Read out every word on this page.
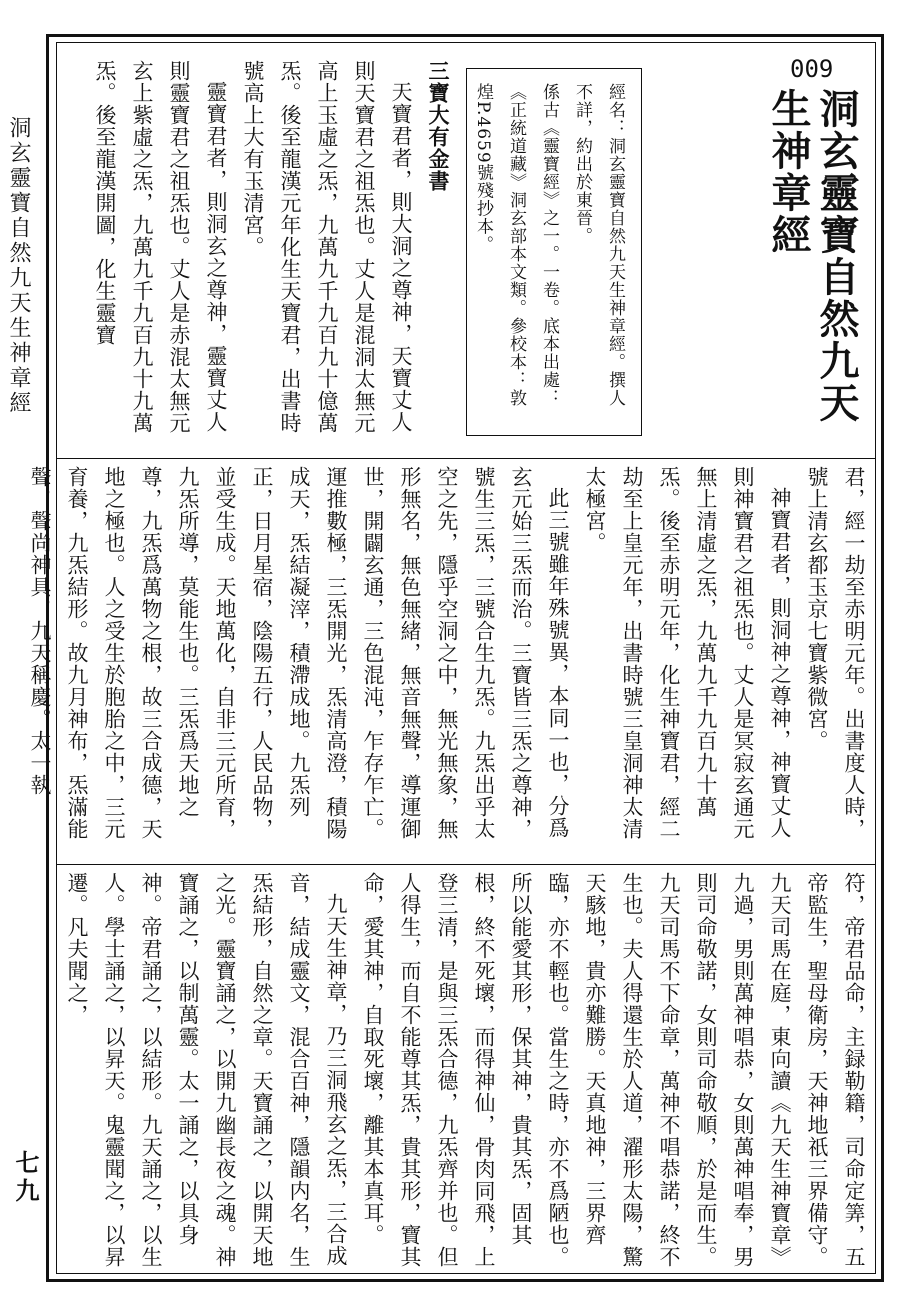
洞玄靈寶自然九天生神章經
七九
009
洞玄靈寶自然九天生神章經
經名：洞玄靈寶自然九天生神章經。撰人不詳，約出於東晉。
係古《靈寶經》之一。一卷。底本出處：《正統道藏》洞玄部本文類。參校本：敦煌P.4659號殘抄本。

三寶大有金書

天寶君者，則大洞之尊神，天寶丈人則天寶君之祖炁也。丈人是混洞太無元高上玉虛之炁，九萬九千九百九十億萬炁。後至龍漢元年化生天寶君，出書時號高上大有玉清宮。

靈寶君者，則洞玄之尊神，靈寶丈人則靈寶君之祖炁也。丈人是赤混太無元玄上紫虛之炁，九萬九千九百九十九萬炁。後至龍漢開圖，化生靈寶

君，經一劫至赤明元年。出書度人時，號上清玄都玉京七寶紫微宮。

神寶君者，則洞神之尊神，神寶丈人則神寶君之祖炁也。丈人是冥寂玄通元無上清虛之炁，九萬九千九百九十萬炁。後至赤明元年，化生神寶君，經二劫至上皇元年，出書時號三皇洞神太清太極宮。

此三號雖年殊號異，本同一也，分爲玄元始三炁而治。三寶皆三炁之尊神，號生三炁，三號合生九炁。九炁出乎太空之先，隱乎空洞之中，無光無象，無形無名，無色無緒，無音無聲，導運御世，開闢玄通，三色混沌，乍存乍亡。運推數極，三炁開光，炁清高澄，積陽成天，炁結凝滓，積滯成地。九炁列正，日月星宿，陰陽五行，人民品物，並受生成。天地萬化，自非三元所育，九炁所導，莫能生也。三炁爲天地之尊，九炁爲萬物之根，故三合成德，天地之極也。人之受生於胞胎之中，三元育養，九炁結形。故九月神布，炁滿能聲，聲尚神具，九天稱慶。太一執

符，帝君品命，主録勒籍，司命定筭，五帝監生，聖母衛房，天神地祇三界備守。九天司馬在庭，東向讀《九天生神寶章》九過，男則萬神唱恭，女則萬神唱奉，男則司命敬諾，女則司命敬順，於是而生。九天司馬不下命章，萬神不唱恭諾，終不生也。夫人得還生於人道，濯形太陽，驚天駭地，貴亦難勝。天真地神，三界齊臨，亦不輕也。當生之時，亦不爲陋也。所以能愛其形，保其神，貴其炁，固其根，終不死壞，而得神仙，骨肉同飛，上登三清，是與三炁合德，九炁齊并也。但人得生，而自不能尊其炁，貴其形，寶其命，愛其神，自取死壞，離其本真耳。

九天生神章，乃三洞飛玄之炁，三合成音，結成靈文，混合百神，隱韻内名，生炁結形，自然之章。天寶誦之，以開天地之光。靈寶誦之，以開九幽長夜之魂。神寶誦之，以制萬靈。太一誦之，以具身神。帝君誦之，以結形。九天誦之，以生人。學士誦之，以昇天。鬼靈聞之，以昇遷。凡夫聞之，
